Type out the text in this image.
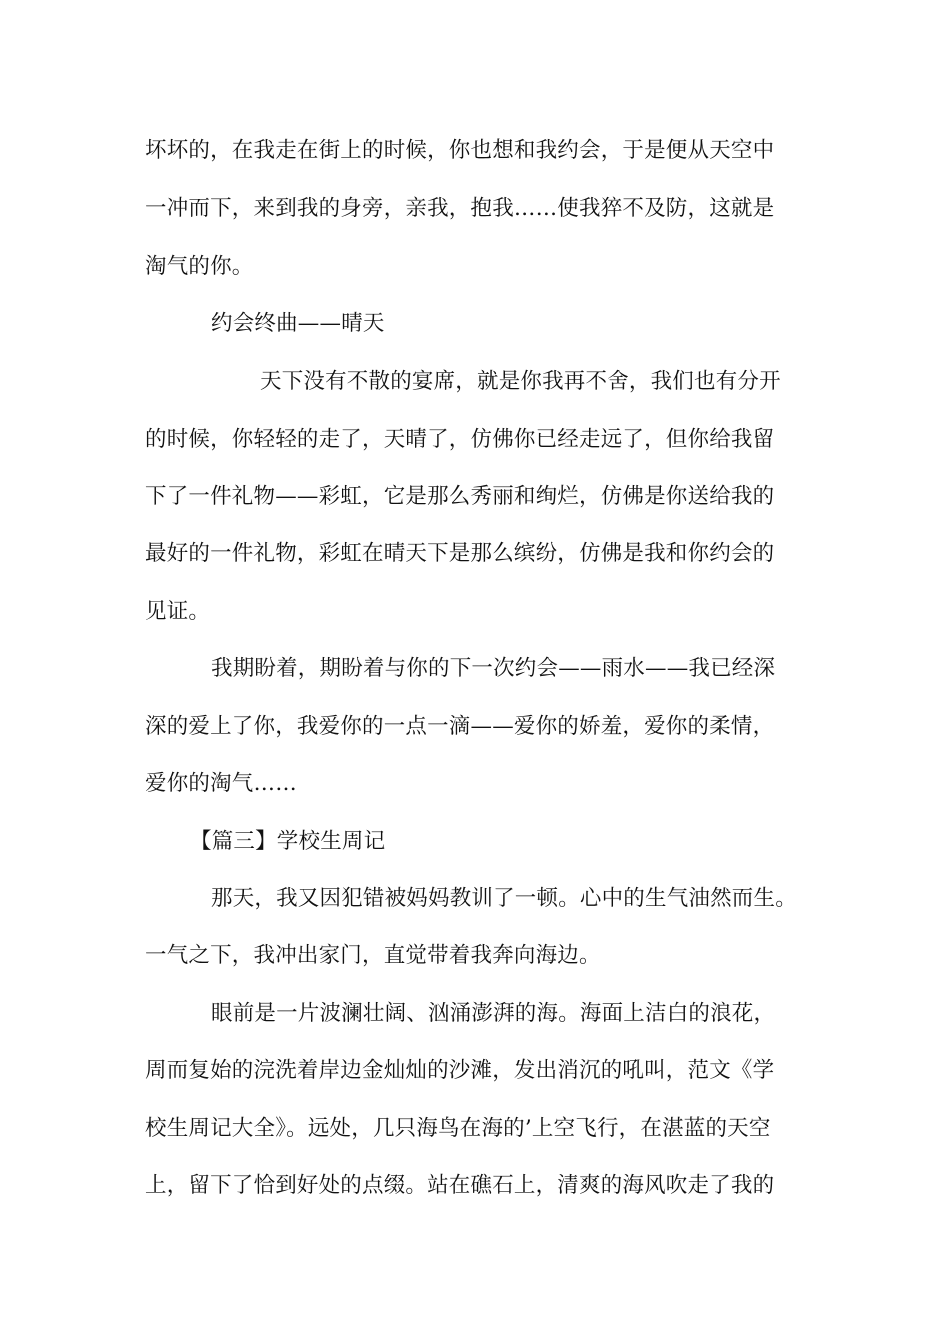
坏坏的，在我走在街上的时候，你也想和我约会，于是便从天空中
一冲而下，来到我的身旁，亲我，抱我……使我猝不及防，这就是
淘气的你。
约会终曲——晴天
天下没有不散的宴席，就是你我再不舍，我们也有分开
的时候，你轻轻的走了，天晴了，仿佛你已经走远了，但你给我留
下了一件礼物——彩虹，它是那么秀丽和绚烂，仿佛是你送给我的
最好的一件礼物，彩虹在晴天下是那么缤纷，仿佛是我和你约会的
见证。
我期盼着，期盼着与你的下一次约会——雨水——我已经深
深的爱上了你，我爱你的一点一滴——爱你的娇羞，爱你的柔情，
爱你的淘气……
【篇三】学校生周记
那天，我又因犯错被妈妈教训了一顿。心中的生气油然而生。
一气之下，我冲出家门，直觉带着我奔向海边。
眼前是一片波澜壮阔、汹涌澎湃的海。海面上洁白的浪花，
周而复始的浣洗着岸边金灿灿的沙滩，发出消沉的吼叫，范文《学
校生周记大全》。远处，几只海鸟在海的’上空飞行，在湛蓝的天空
上，留下了恰到好处的点缀。站在礁石上，清爽的海风吹走了我的
